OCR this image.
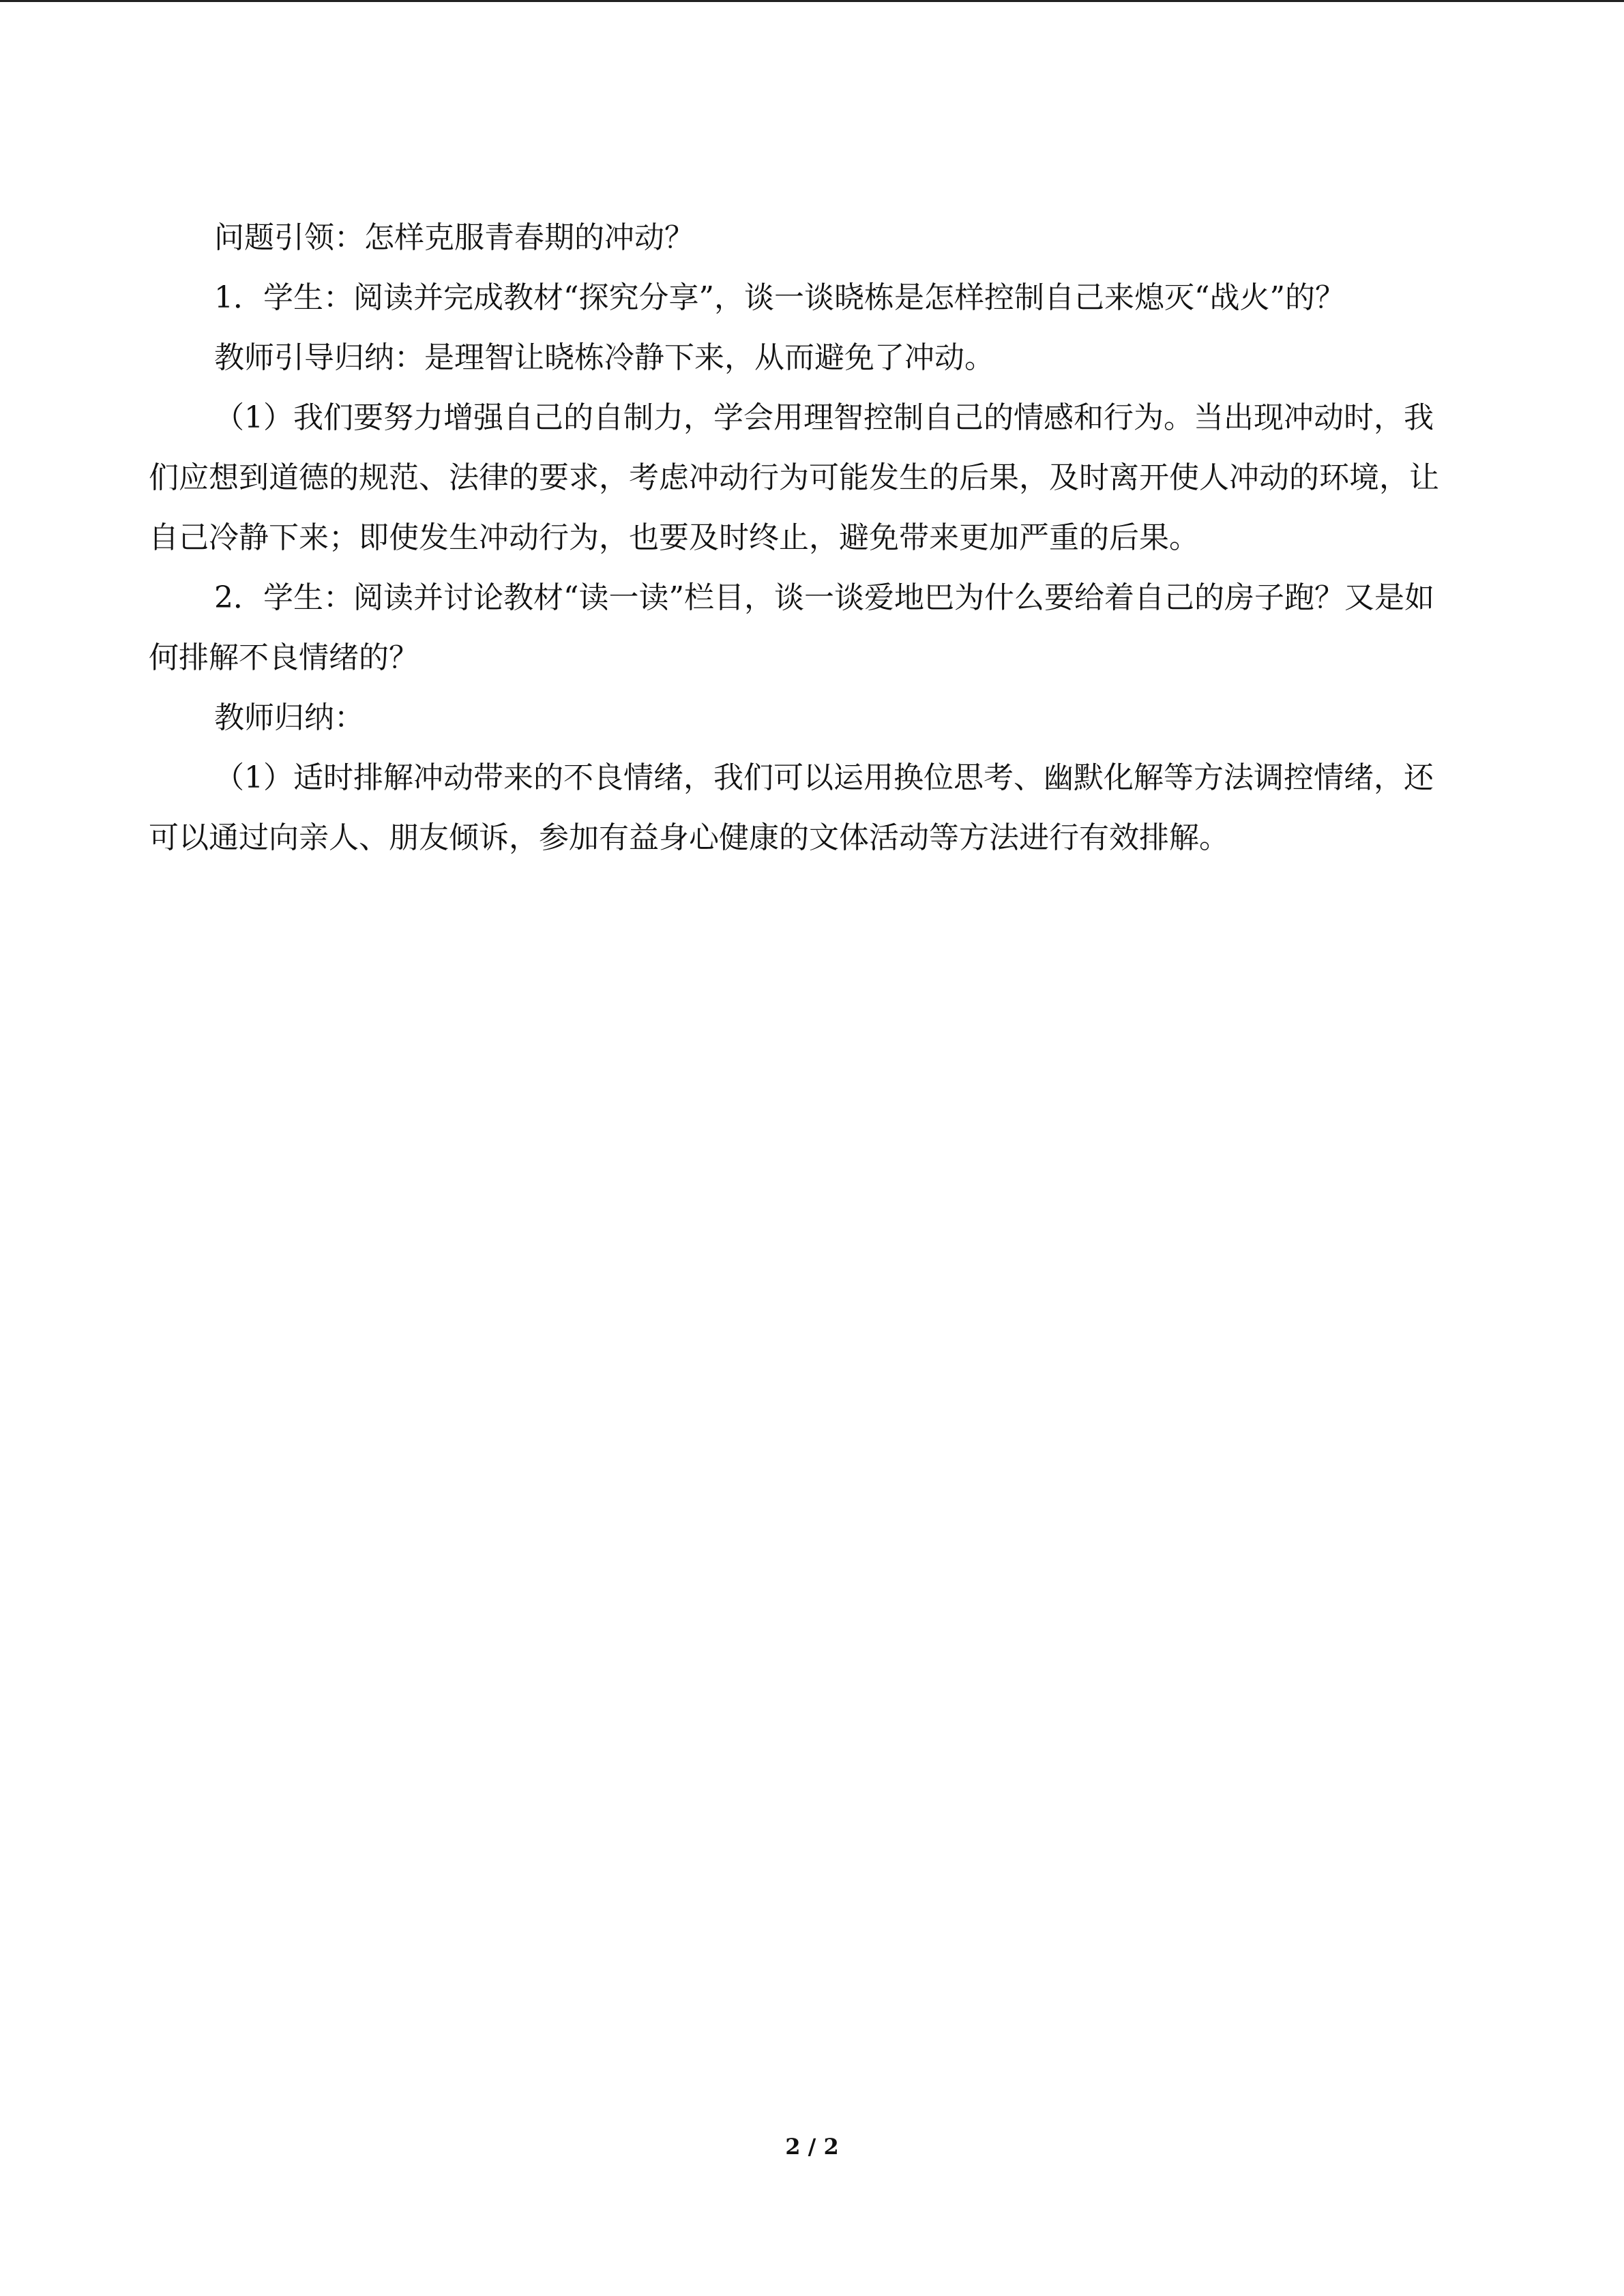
问题引领：怎样克服青春期的冲动？

1．学生：阅读并完成教材“探究分享”，谈一谈晓栋是怎样控制自己来熄灭“战火”的？

教师引导归纳：是理智让晓栋冷静下来，从而避免了冲动。

（1）我们要努力增强自己的自制力，学会用理智控制自己的情感和行为。当出现冲动时，我们应想到道德的规范、法律的要求，考虑冲动行为可能发生的后果，及时离开使人冲动的环境，让自己冷静下来；即使发生冲动行为，也要及时终止，避免带来更加严重的后果。

2．学生：阅读并讨论教材“读一读”栏目，谈一谈爱地巴为什么要给着自己的房子跑？又是如何排解不良情绪的？

教师归纳：

（1）适时排解冲动带来的不良情绪，我们可以运用换位思考、幽默化解等方法调控情绪，还可以通过向亲人、朋友倾诉，参加有益身心健康的文体活动等方法进行有效排解。

2 / 2
